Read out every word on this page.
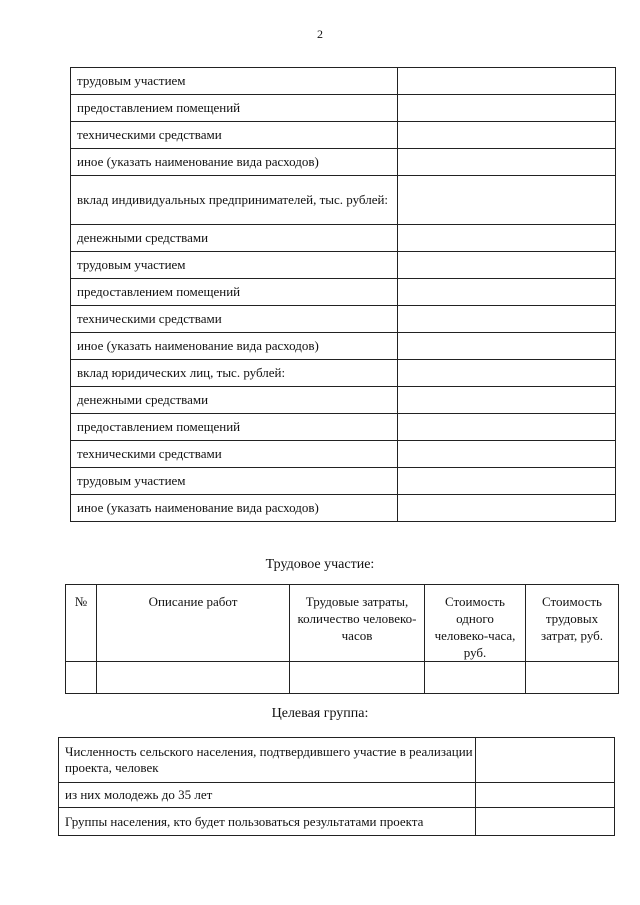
2
трудовым участием	
предоставлением помещений	
техническими средствами	
иное (указать наименование вида расходов)	
вклад индивидуальных предпринимателей, тыс. рублей:	
денежными средствами	
трудовым участием	
предоставлением помещений	
техническими средствами	
иное (указать наименование вида расходов)	
вклад юридических лиц, тыс. рублей:	
денежными средствами	
предоставлением помещений	
техническими средствами	
трудовым участием	
иное (указать наименование вида расходов)	
Трудовое участие:
№	Описание работ	Трудовые затраты, количество человеко-часов	Стоимость одного человеко-часа, руб.	Стоимость трудовых затрат, руб.

Целевая группа:
Численность сельского населения, подтвердившего участие в реализации проекта, человек	
из них молодежь до 35 лет	
Группы населения, кто будет пользоваться результатами проекта	
